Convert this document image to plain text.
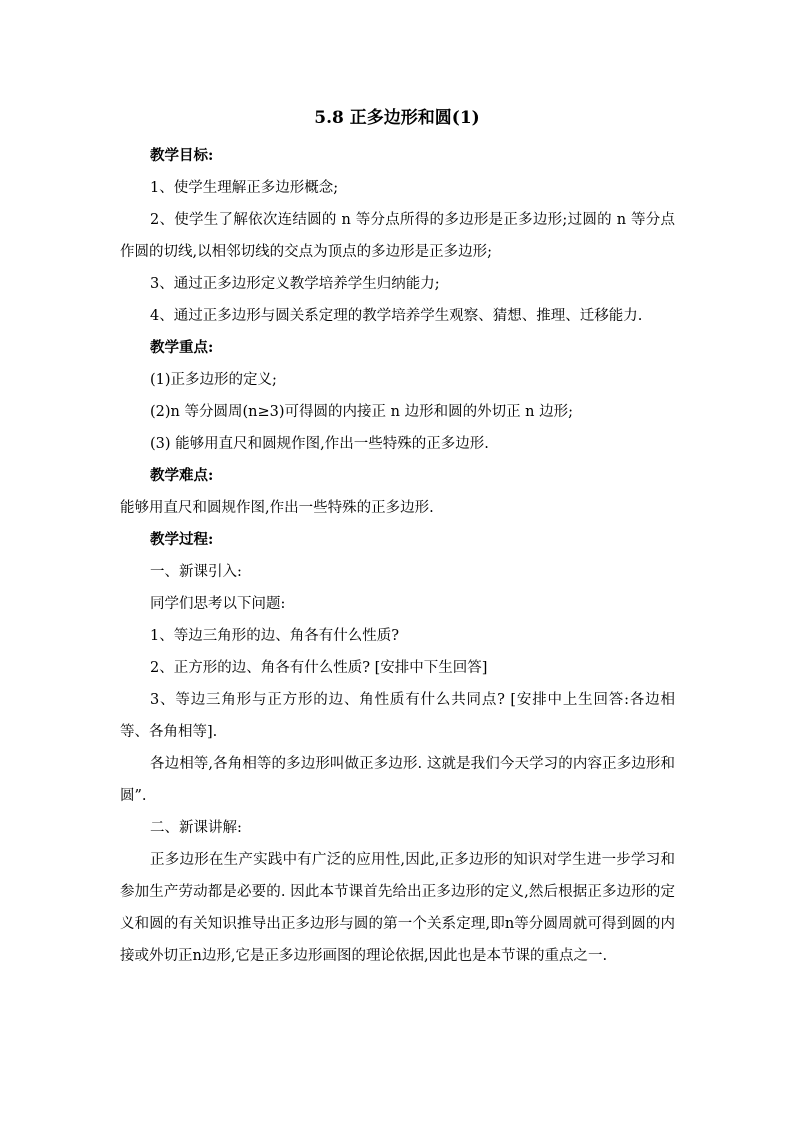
5.8 正多边形和圆(1)

教学目标:

1、使学生理解正多边形概念;

2、使学生了解依次连结圆的 n 等分点所得的多边形是正多边形;过圆的 n 等分点作圆的切线,以相邻切线的交点为顶点的多边形是正多边形;

3、通过正多边形定义教学培养学生归纳能力;

4、通过正多边形与圆关系定理的教学培养学生观察、猜想、推理、迁移能力.

教学重点:

(1)正多边形的定义;

(2)n 等分圆周(n≥3)可得圆的内接正 n 边形和圆的外切正 n 边形;

(3) 能够用直尺和圆规作图,作出一些特殊的正多边形.

教学难点:

能够用直尺和圆规作图,作出一些特殊的正多边形.

教学过程:

一、新课引入:

同学们思考以下问题:

1、等边三角形的边、角各有什么性质?

2、正方形的边、角各有什么性质? [安排中下生回答]

3、等边三角形与正方形的边、角性质有什么共同点? [安排中上生回答:各边相等、各角相等].

各边相等,各角相等的多边形叫做正多边形. 这就是我们今天学习的内容正多边形和圆”.

二、新课讲解:

正多边形在生产实践中有广泛的应用性,因此,正多边形的知识对学生进一步学习和参加生产劳动都是必要的. 因此本节课首先给出正多边形的定义,然后根据正多边形的定义和圆的有关知识推导出正多边形与圆的第一个关系定理,即n等分圆周就可得到圆的内接或外切正n边形,它是正多边形画图的理论依据,因此也是本节课的重点之一.
